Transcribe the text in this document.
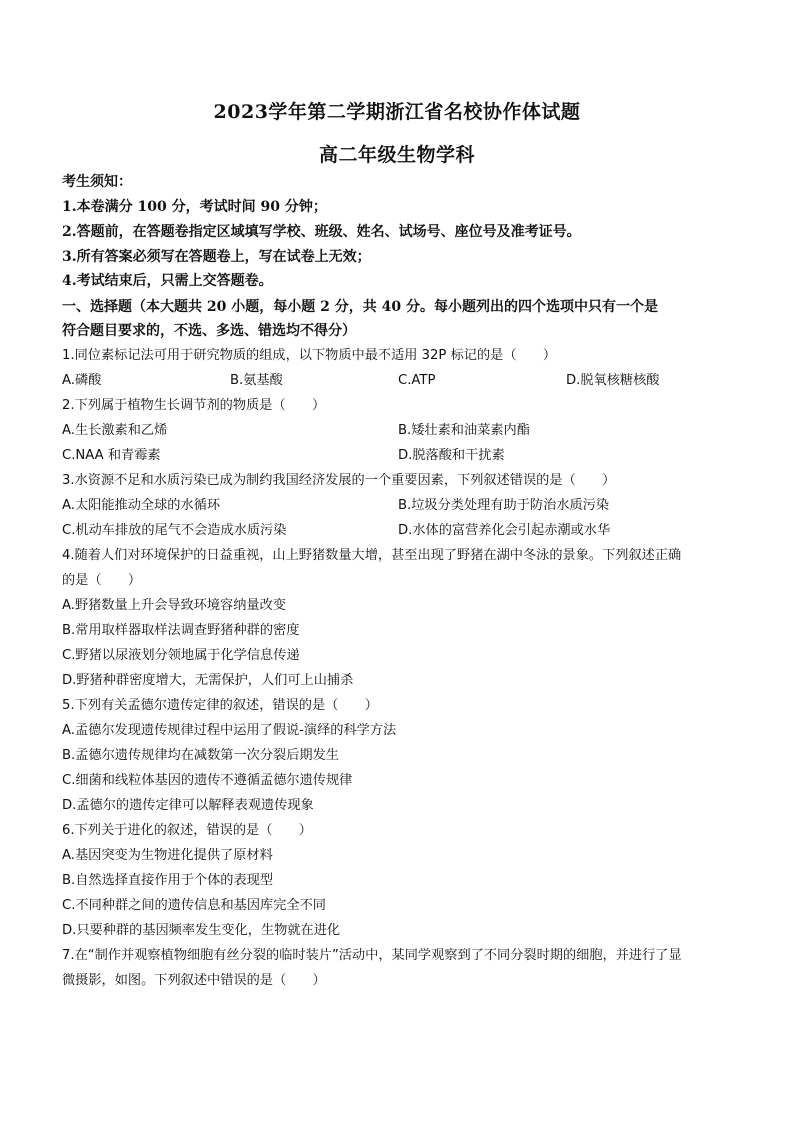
2023学年第二学期浙江省名校协作体试题
高二年级生物学科
考生须知：
1.本卷满分 100 分，考试时间 90 分钟；
2.答题前，在答题卷指定区域填写学校、班级、姓名、试场号、座位号及准考证号。
3.所有答案必须写在答题卷上，写在试卷上无效；
4.考试结束后，只需上交答题卷。
一、选择题（本大题共 20 小题，每小题 2 分，共 40 分。每小题列出的四个选项中只有一个是
符合题目要求的，不选、多选、错选均不得分）
1.同位素标记法可用于研究物质的组成，以下物质中最不适用 32P 标记的是（　　）
A.磷酸	B.氨基酸	C.ATP	D.脱氧核糖核酸
2.下列属于植物生长调节剂的物质是（　　）
A.生长激素和乙烯	B.矮壮素和油菜素内酯
C.NAA 和青霉素	D.脱落酸和干扰素
3.水资源不足和水质污染已成为制约我国经济发展的一个重要因素，下列叙述错误的是（　　）
A.太阳能推动全球的水循环	B.垃圾分类处理有助于防治水质污染
C.机动车排放的尾气不会造成水质污染	D.水体的富营养化会引起赤潮或水华
4.随着人们对环境保护的日益重视，山上野猪数量大增，甚至出现了野猪在湖中冬泳的景象。下列叙述正确
的是（　　）
A.野猪数量上升会导致环境容纳量改变
B.常用取样器取样法调查野猪种群的密度
C.野猪以尿液划分领地属于化学信息传递
D.野猪种群密度增大，无需保护，人们可上山捕杀
5.下列有关孟德尔遗传定律的叙述，错误的是（　　）
A.孟德尔发现遗传规律过程中运用了假说-演绎的科学方法
B.孟德尔遗传规律均在减数第一次分裂后期发生
C.细菌和线粒体基因的遗传不遵循孟德尔遗传规律
D.孟德尔的遗传定律可以解释表观遗传现象
6.下列关于进化的叙述，错误的是（　　）
A.基因突变为生物进化提供了原材料
B.自然选择直接作用于个体的表现型
C.不同种群之间的遗传信息和基因库完全不同
D.只要种群的基因频率发生变化，生物就在进化
7.在“制作并观察植物细胞有丝分裂的临时装片”活动中，某同学观察到了不同分裂时期的细胞，并进行了显
微摄影，如图。下列叙述中错误的是（　　）
